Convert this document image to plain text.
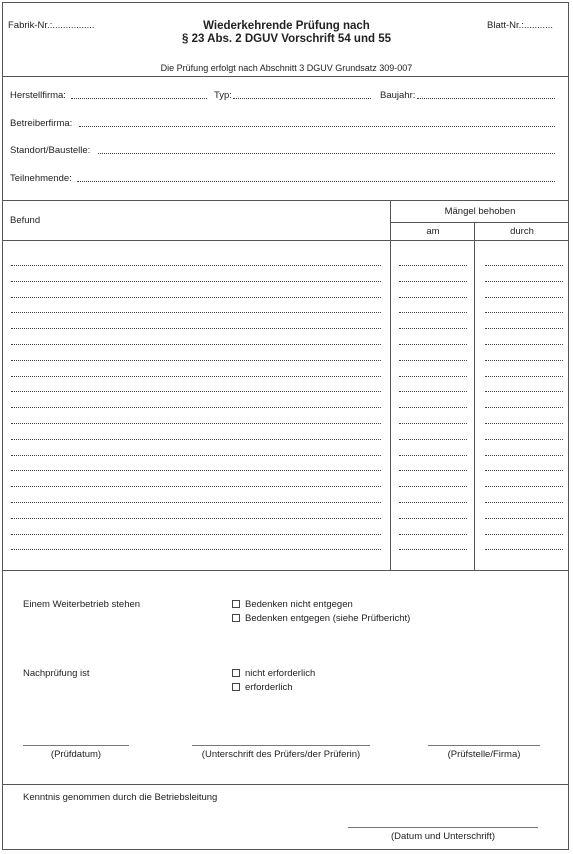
Fabrik-Nr.:................	Wiederkehrende Prüfung nach
§ 23 Abs. 2 DGUV Vorschrift 54 und 55
Blatt-Nr.:...........
Die Prüfung erfolgt nach Abschnitt 3 DGUV Grundsatz 309-007
Herstellfirma:	Typ:	Baujahr:
Betreiberfirma:
Standort/Baustelle:
Teilnehmende:
Befund
Mängel behoben
am	durch
Einem Weiterbetrieb stehen	Bedenken nicht entgegen
Bedenken entgegen (siehe Prüfbericht)
Nachprüfung ist	nicht erforderlich
erforderlich
(Prüfdatum)	(Unterschrift des Prüfers/der Prüferin)	(Prüfstelle/Firma)
Kenntnis genommen durch die Betriebsleitung
(Datum und Unterschrift)
